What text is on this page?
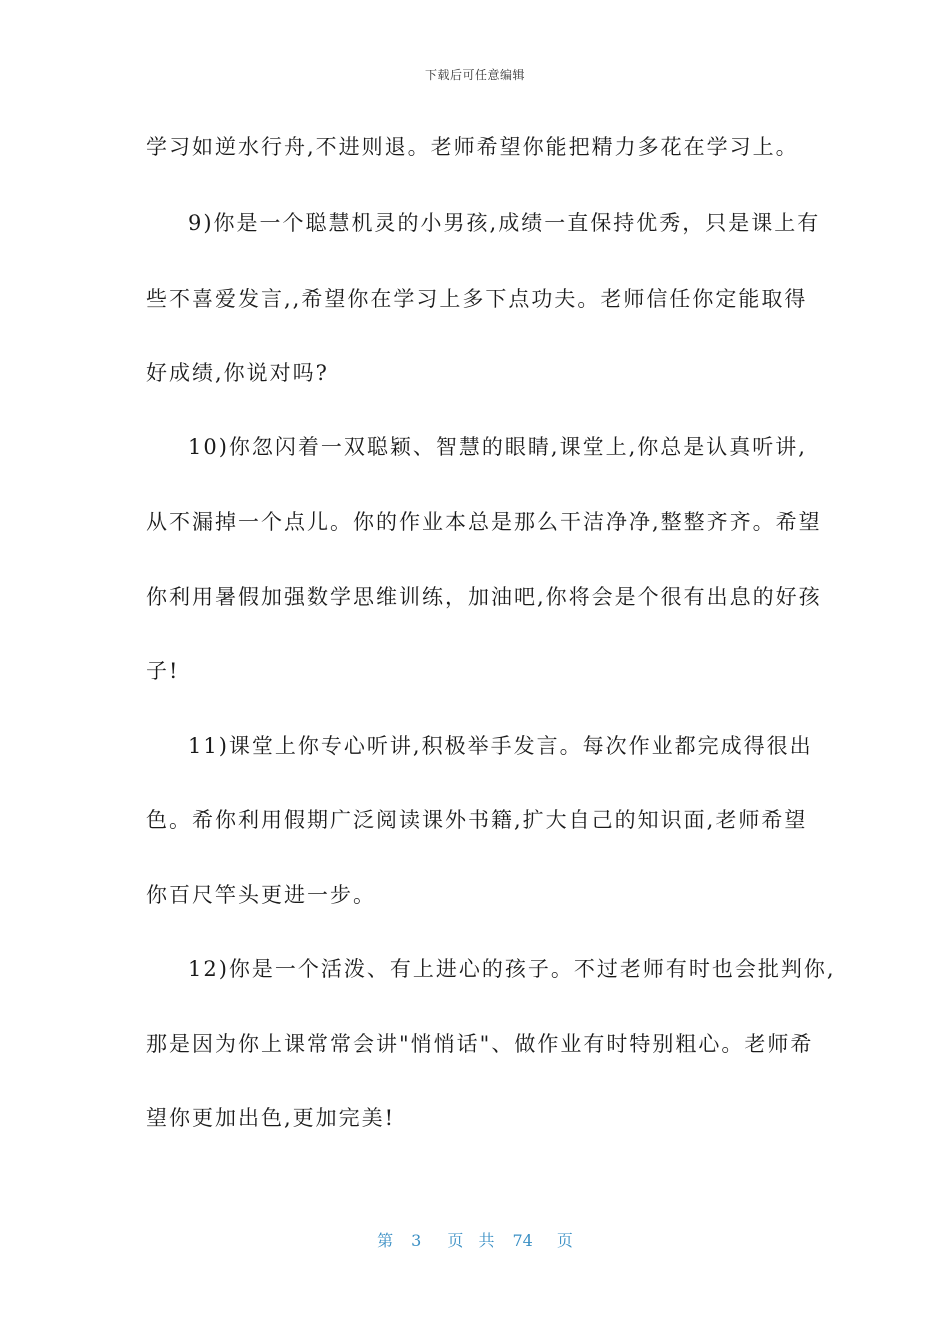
下载后可任意编辑
学习如逆水行舟,不进则退。老师希望你能把精力多花在学习上。
9)你是一个聪慧机灵的小男孩,成绩一直保持优秀，只是课上有
些不喜爱发言,,希望你在学习上多下点功夫。老师信任你定能取得
好成绩,你说对吗?
10)你忽闪着一双聪颖、智慧的眼睛,课堂上,你总是认真听讲,
从不漏掉一个点儿。你的作业本总是那么干洁净净,整整齐齐。希望
你利用暑假加强数学思维训练，加油吧,你将会是个很有出息的好孩
子!
11)课堂上你专心听讲,积极举手发言。每次作业都完成得很出
色。希你利用假期广泛阅读课外书籍,扩大自己的知识面,老师希望
你百尺竿头更进一步。
12)你是一个活泼、有上进心的孩子。不过老师有时也会批判你,
那是因为你上课常常会讲"悄悄话"、做作业有时特别粗心。老师希
望你更加出色,更加完美!
第 3 页 共 74 页
